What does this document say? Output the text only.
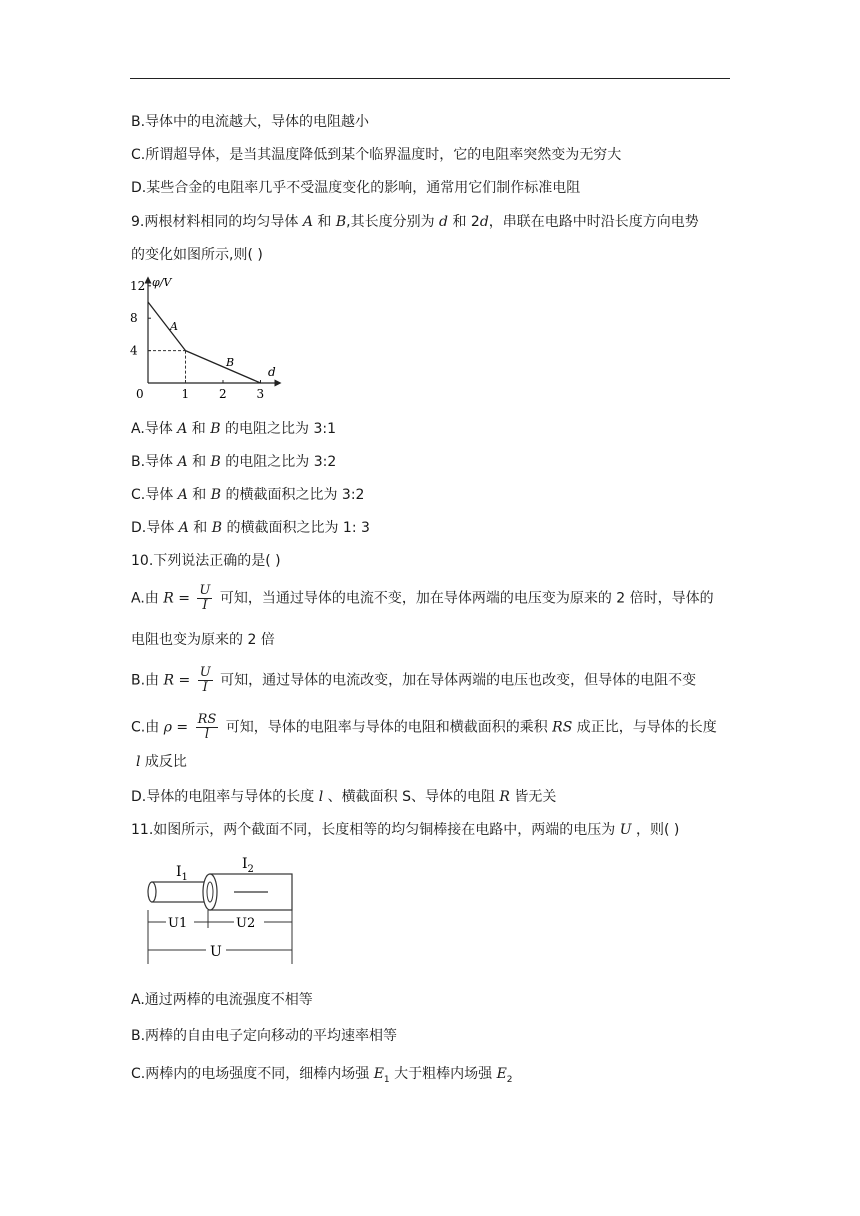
B.导体中的电流越大，导体的电阻越小
C.所谓超导体，是当其温度降低到某个临界温度时，它的电阻率突然变为无穷大
D.某些合金的电阻率几乎不受温度变化的影响，通常用它们制作标准电阻
9.两根材料相同的均匀导体 A 和 B,其长度分别为 d 和 2d，串联在电路中时沿长度方向电势
的变化如图所示,则( )
12
8
4
0	1 2 3
φ/V
d
A
B
A.导体 A 和 B 的电阻之比为 3:1
B.导体 A 和 B 的电阻之比为 3:2
C.导体 A 和 B 的横截面积之比为 3:2
D.导体 A 和 B 的横截面积之比为 1: 3
10.下列说法正确的是( )
A.由 $R = \frac{U}{I}$ 可知，当通过导体的电流不变，加在导体两端的电压变为原来的 2 倍时，导体的
电阻也变为原来的 2 倍
B.由 $R = \frac{U}{I}$ 可知，通过导体的电流改变，加在导体两端的电压也改变，但导体的电阻不变
C.由 $\rho = \frac{RS}{l}$ 可知，导体的电阻率与导体的电阻和横截面积的乘积 RS 成正比，与导体的长度
l 成反比
D.导体的电阻率与导体的长度 l 、横截面积 S、导体的电阻 R 皆无关
11.如图所示，两个截面不同，长度相等的均匀铜棒接在电路中，两端的电压为 U ，则( )
$I_1$
$I_2$
U1	U2
U
A.通过两棒的电流强度不相等
B.两棒的自由电子定向移动的平均速率相等
C.两棒内的电场强度不同，细棒内场强 $E_1$ 大于粗棒内场强 $E_2$
